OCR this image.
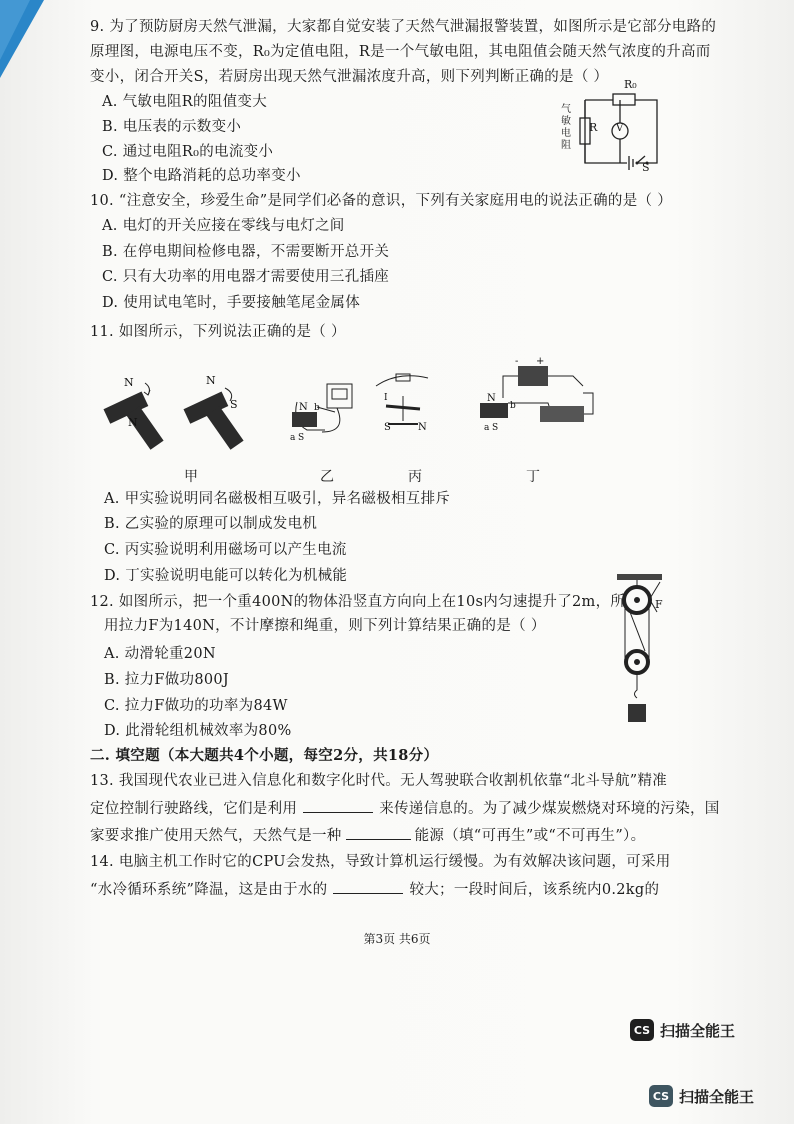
9. 为了预防厨房天然气泄漏，大家都自觉安装了天然气泄漏报警装置，如图所示是它部分电路的
原理图，电源电压不变，R₀为定值电阻，R是一个气敏电阻，其电阻值会随天然气浓度的升高而
变小，闭合开关S，若厨房出现天然气泄漏浓度升高，则下列判断正确的是（ ）
A. 气敏电阻R的阻值变大
B. 电压表的示数变小
C. 通过电阻R₀的电流变小
D. 整个电路消耗的总功率变小
R₀
R V
S
气敏电阻
10. “注意安全，珍爱生命”是同学们必备的意识，下列有关家庭用电的说法正确的是（ ）
A. 电灯的开关应接在零线与电灯之间
B. 在停电期间检修电器，不需要断开总开关
C. 只有大功率的用电器才需要使用三孔插座
D. 使用试电笔时，手要接触笔尾金属体
11. 如图所示，下列说法正确的是（ ）
N
N
N
S	N b
a S
I
S	N
+
-
N
b
a S
甲	乙	丙	丁
A. 甲实验说明同名磁极相互吸引，异名磁极相互排斥
B. 乙实验的原理可以制成发电机
C. 丙实验说明利用磁场可以产生电流
D. 丁实验说明电能可以转化为机械能
12. 如图所示，把一个重400N的物体沿竖直方向向上在10s内匀速提升了2m，所
用拉力F为140N，不计摩擦和绳重，则下列计算结果正确的是（ ）
A. 动滑轮重20N
B. 拉力F做功800J
C. 拉力F做功的功率为84W
D. 此滑轮组机械效率为80%
F
二. 填空题（本大题共4个小题，每空2分，共18分）
13. 我国现代农业已进入信息化和数字化时代。无人驾驶联合收割机依靠“北斗导航”精准
定位控制行驶路线，它们是利用	来传递信息的。为了减少煤炭燃烧对环境的污染，国
家要求推广使用天然气，天然气是一种	能源（填“可再生”或“不可再生”）。
14. 电脑主机工作时它的CPU会发热，导致计算机运行缓慢。为有效解决该问题，可采用
“水冷循环系统”降温，这是由于水的	较大；一段时间后，该系统内0.2kg的
第3页 共6页
CS 扫描全能王
CS 扫描全能王
